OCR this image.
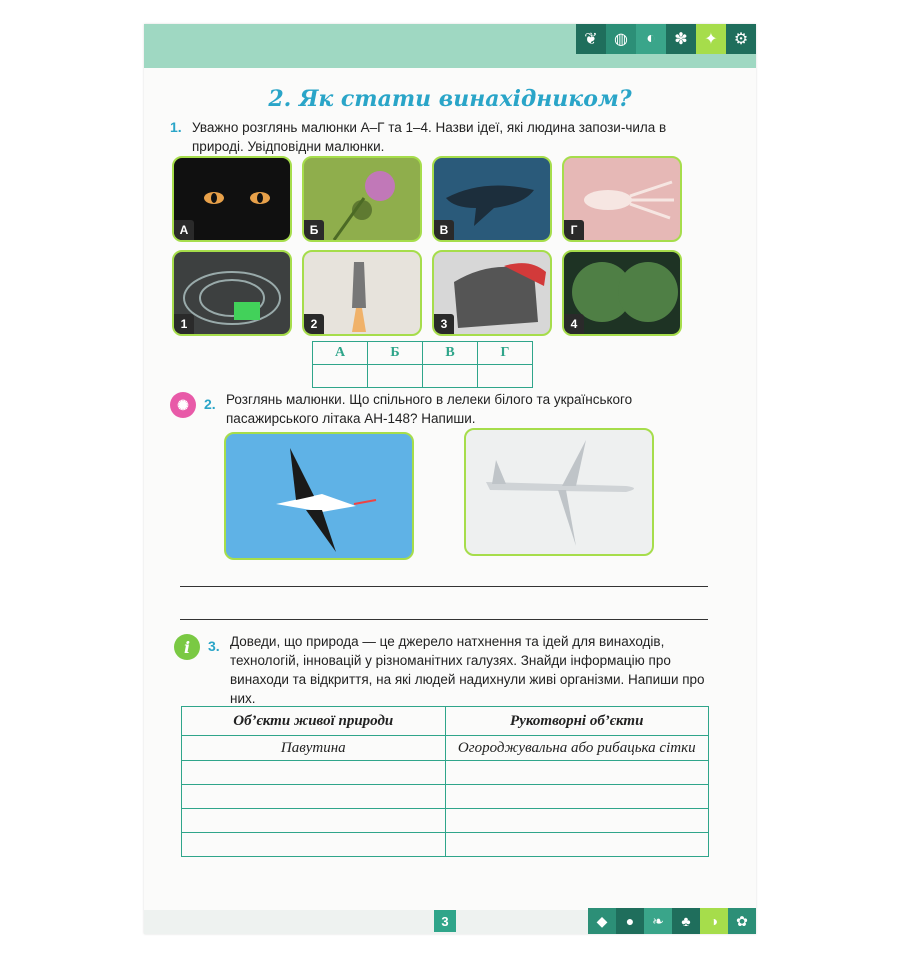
❦	◍	◐	✽	✦	⚙
2. Як стати винахідником?
1. Уважно розглянь малюнки А–Г та 1–4. Назви ідеї, які людина запози-чила в природі. Увідповідни малюнки.
А	Б	В	Г
1	2	3	4
А	Б	В	Г

✺	2. Розглянь малюнки. Що спільного в лелеки білого та українського пасажирського літака АН-148? Напиши.
i	3. Доведи, що природа — це джерело натхнення та ідей для винаходів, технологій, інновацій у різноманітних галузях. Знайди інформацію про винаходи та відкриття, на які людей надихнули живі організми. Напиши про них.
Об’єкти живої природи	Рукотворні об’єкти
Павутина	Огороджувальна або рибацька сітки

3	◆	●	❧	♣	◑	✿
